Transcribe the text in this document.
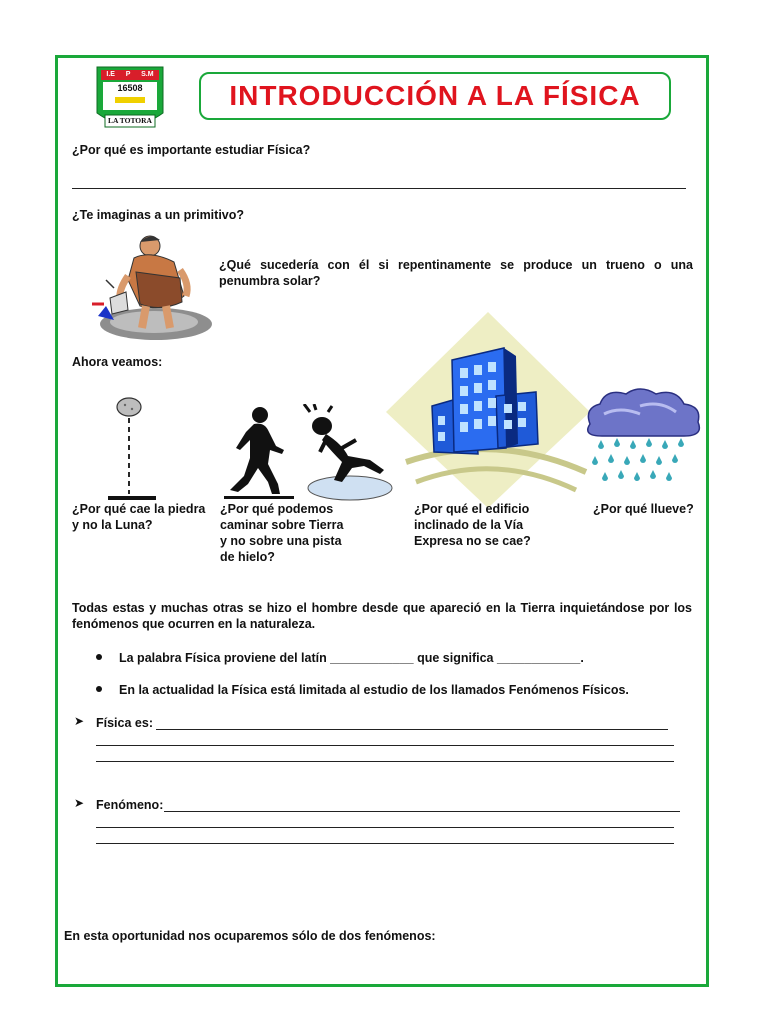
I.E P S.M
16508
LA TOTORA
INTRODUCCIÓN A LA FÍSICA
¿Por qué es importante estudiar Física?
¿Te imaginas a un primitivo?
¿Qué sucedería con él si repentinamente se produce un trueno o una penumbra solar?
Ahora veamos:
¿Por qué cae la piedra y no la Luna?
¿Por qué podemos caminar sobre Tierra y no sobre una pista de hielo?
¿Por qué el edificio inclinado de la Vía Expresa no se cae?
¿Por qué llueve?
Todas estas y muchas otras se hizo el hombre desde que apareció en la Tierra inquietándose por los fenómenos que ocurren en la naturaleza.
La palabra Física proviene del latín ____________ que significa ____________.
En la actualidad la Física está limitada al estudio de los llamados Fenómenos Físicos.
➤ Física es:
➤ Fenómeno:
En esta oportunidad nos ocuparemos sólo de dos fenómenos:
